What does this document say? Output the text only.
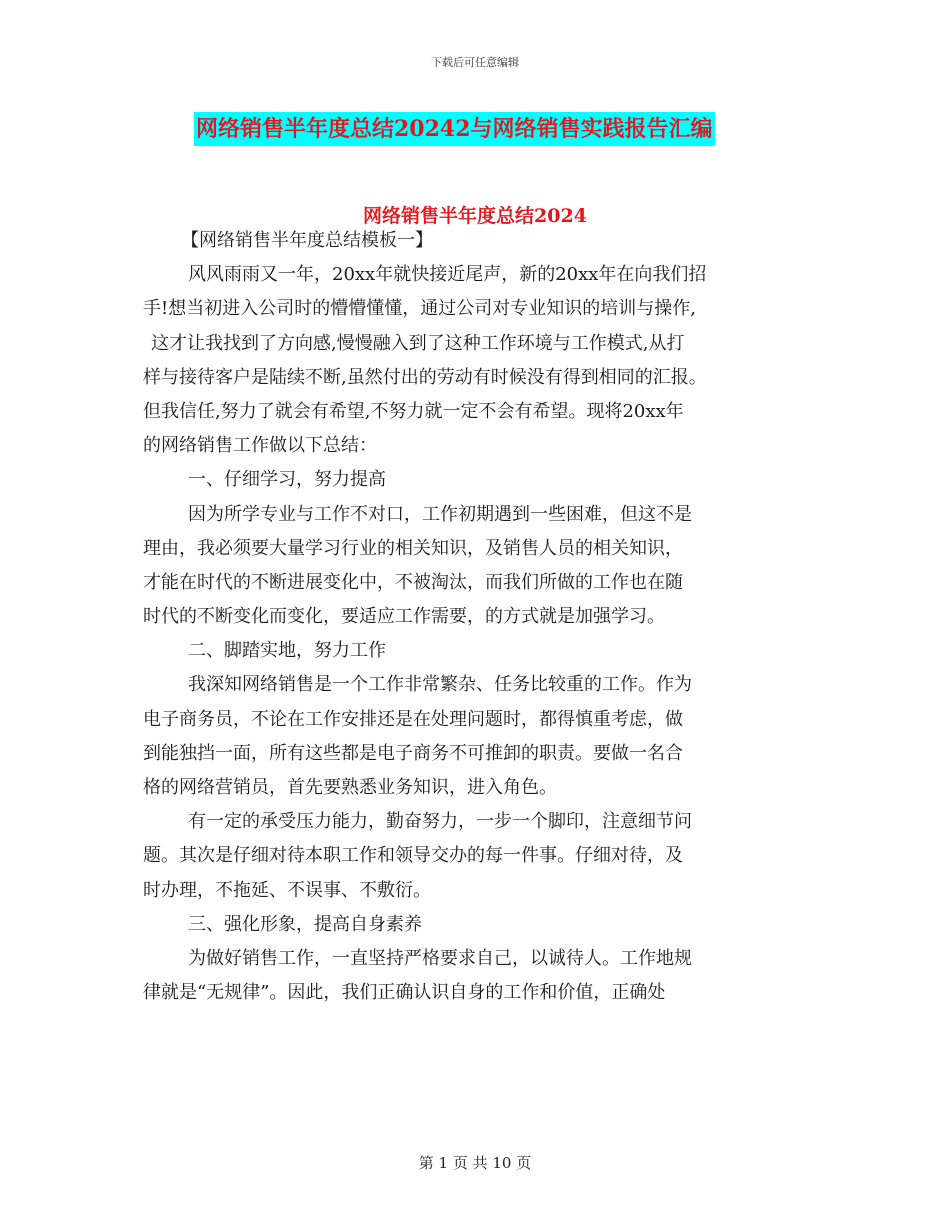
下载后可任意编辑
网络销售半年度总结20242与网络销售实践报告汇编
网络销售半年度总结2024
【网络销售半年度总结模板一】
风风雨雨又一年，20xx年就快接近尾声，新的20xx年在向我们招
手!想当初进入公司时的懵懵懂懂，通过公司对专业知识的培训与操作,
这才让我找到了方向感,慢慢融入到了这种工作环境与工作模式,从打
样与接待客户是陆续不断,虽然付出的劳动有时候没有得到相同的汇报。
但我信任,努力了就会有希望,不努力就一定不会有希望。现将20xx年
的网络销售工作做以下总结：
一、仔细学习，努力提高
因为所学专业与工作不对口，工作初期遇到一些困难，但这不是
理由，我必须要大量学习行业的相关知识，及销售人员的相关知识，
才能在时代的不断进展变化中，不被淘汰，而我们所做的工作也在随
时代的不断变化而变化，要适应工作需要，的方式就是加强学习。
二、脚踏实地，努力工作
我深知网络销售是一个工作非常繁杂、任务比较重的工作。作为
电子商务员，不论在工作安排还是在处理问题时，都得慎重考虑，做
到能独挡一面，所有这些都是电子商务不可推卸的职责。要做一名合
格的网络营销员，首先要熟悉业务知识，进入角色。
有一定的承受压力能力，勤奋努力，一步一个脚印，注意细节问
题。其次是仔细对待本职工作和领导交办的每一件事。仔细对待，及
时办理，不拖延、不误事、不敷衍。
三、强化形象，提高自身素养
为做好销售工作，一直坚持严格要求自己，以诚待人。工作地规
律就是“无规律”。因此，我们正确认识自身的工作和价值，正确处
第 1 页 共 10 页
